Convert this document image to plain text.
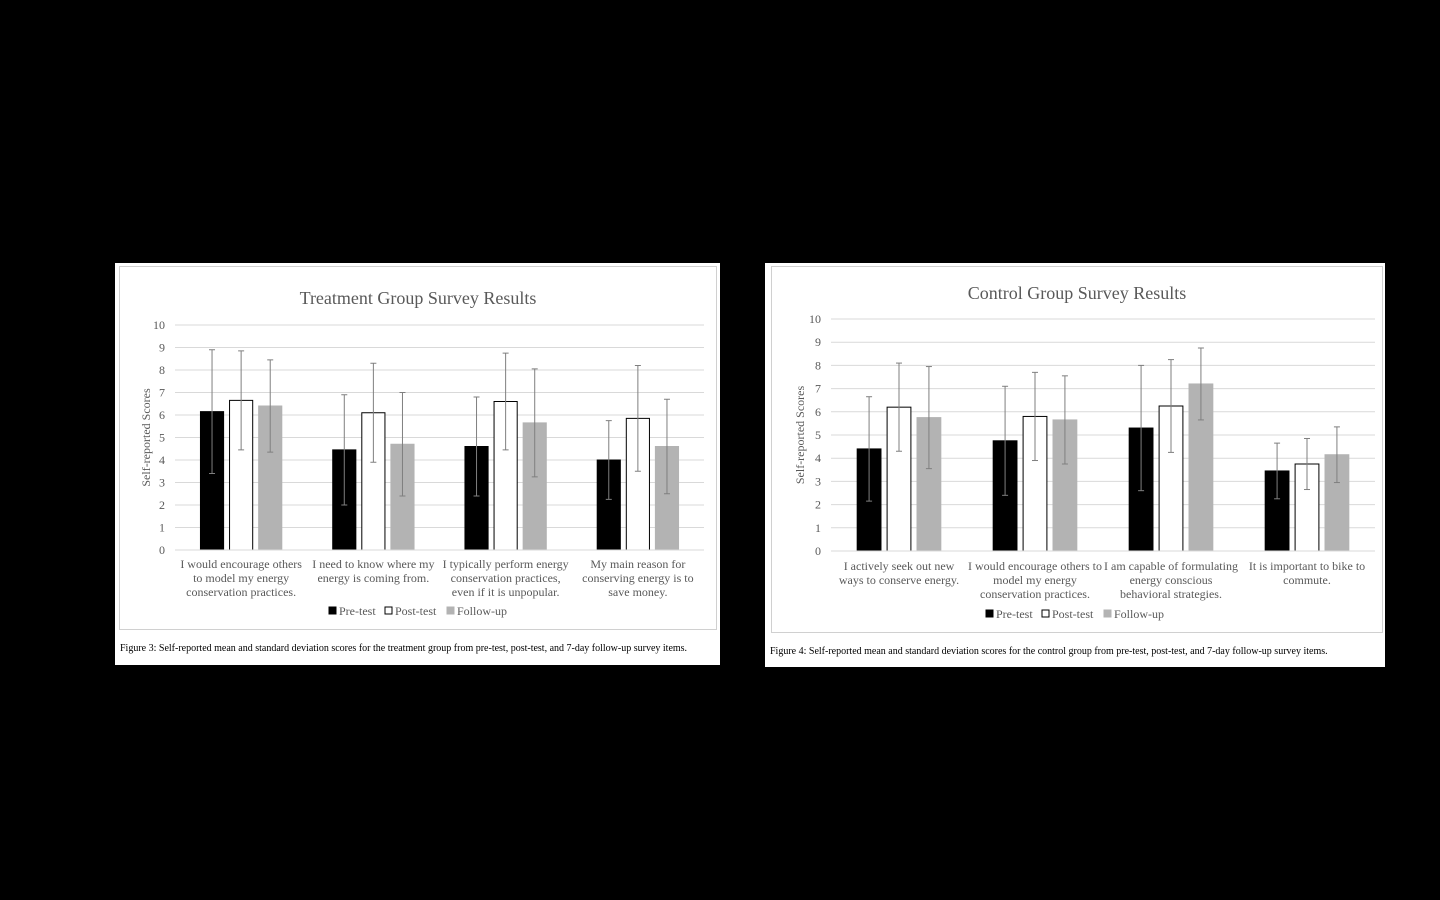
Treatment Group Survey Results
0
1
2
3
4
5
6
7
8
9
10
Self-reported Scores
I would encourage others
to model my energy
conservation practices.
I need to know where my
energy is coming from.
I typically perform energy
conservation practices,
even if it is unpopular.
My main reason for
conserving energy is to
save money.
Pre-test Post-test Follow-up
Figure 3: Self-reported mean and standard deviation scores for the treatment group from pre-test, post-test, and 7-day follow-up survey items.
Control Group Survey Results
0
1
2
3
4
5
6
7
8
9
10
Self-reported Scores
I actively seek out new
ways to conserve energy.
I would encourage others to
model my energy
conservation practices.
I am capable of formulating
energy conscious
behavioral strategies.
It is important to bike to
commute.
Pre-test Post-test Follow-up
Figure 4: Self-reported mean and standard deviation scores for the control group from pre-test, post-test, and 7-day follow-up survey items.
